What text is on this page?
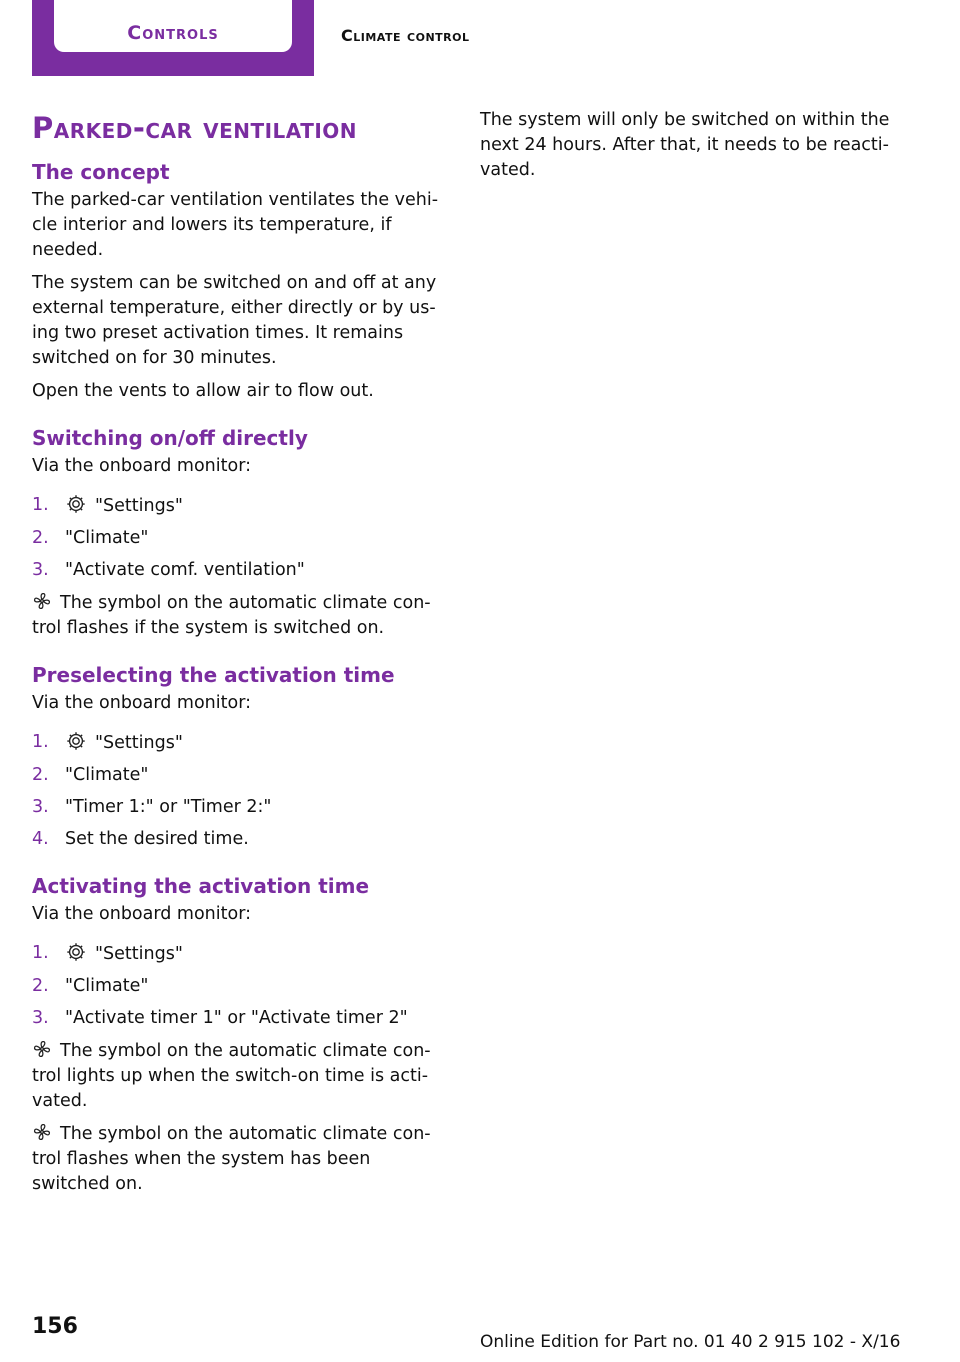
Controls	Climate control
Parked-car ventilation
The concept

The parked-car ventilation ventilates the vehi‐cle interior and lowers its temperature, if needed.

The system can be switched on and off at any external temperature, either directly or by us‐ing two preset activation times. It remains switched on for 30 minutes.

Open the vents to allow air to flow out.

Switching on/off directly

Via the onboard monitor:

1.	"Settings"
2. "Climate"
3. "Activate comf. ventilation"

The symbol on the automatic climate con‐trol flashes if the system is switched on.

Preselecting the activation time

Via the onboard monitor:

1.	"Settings"
2. "Climate"
3. "Timer 1:" or "Timer 2:"
4. Set the desired time.
Activating the activation time

Via the onboard monitor:

1.	"Settings"
2. "Climate"
3. "Activate timer 1" or "Activate timer 2"

The symbol on the automatic climate con‐trol lights up when the switch-on time is acti‐vated.

The symbol on the automatic climate con‐trol flashes when the system has been switched on.

The system will only be switched on within the next 24 hours. After that, it needs to be reacti‐vated.

156
Online Edition for Part no. 01 40 2 915 102 - X/16
